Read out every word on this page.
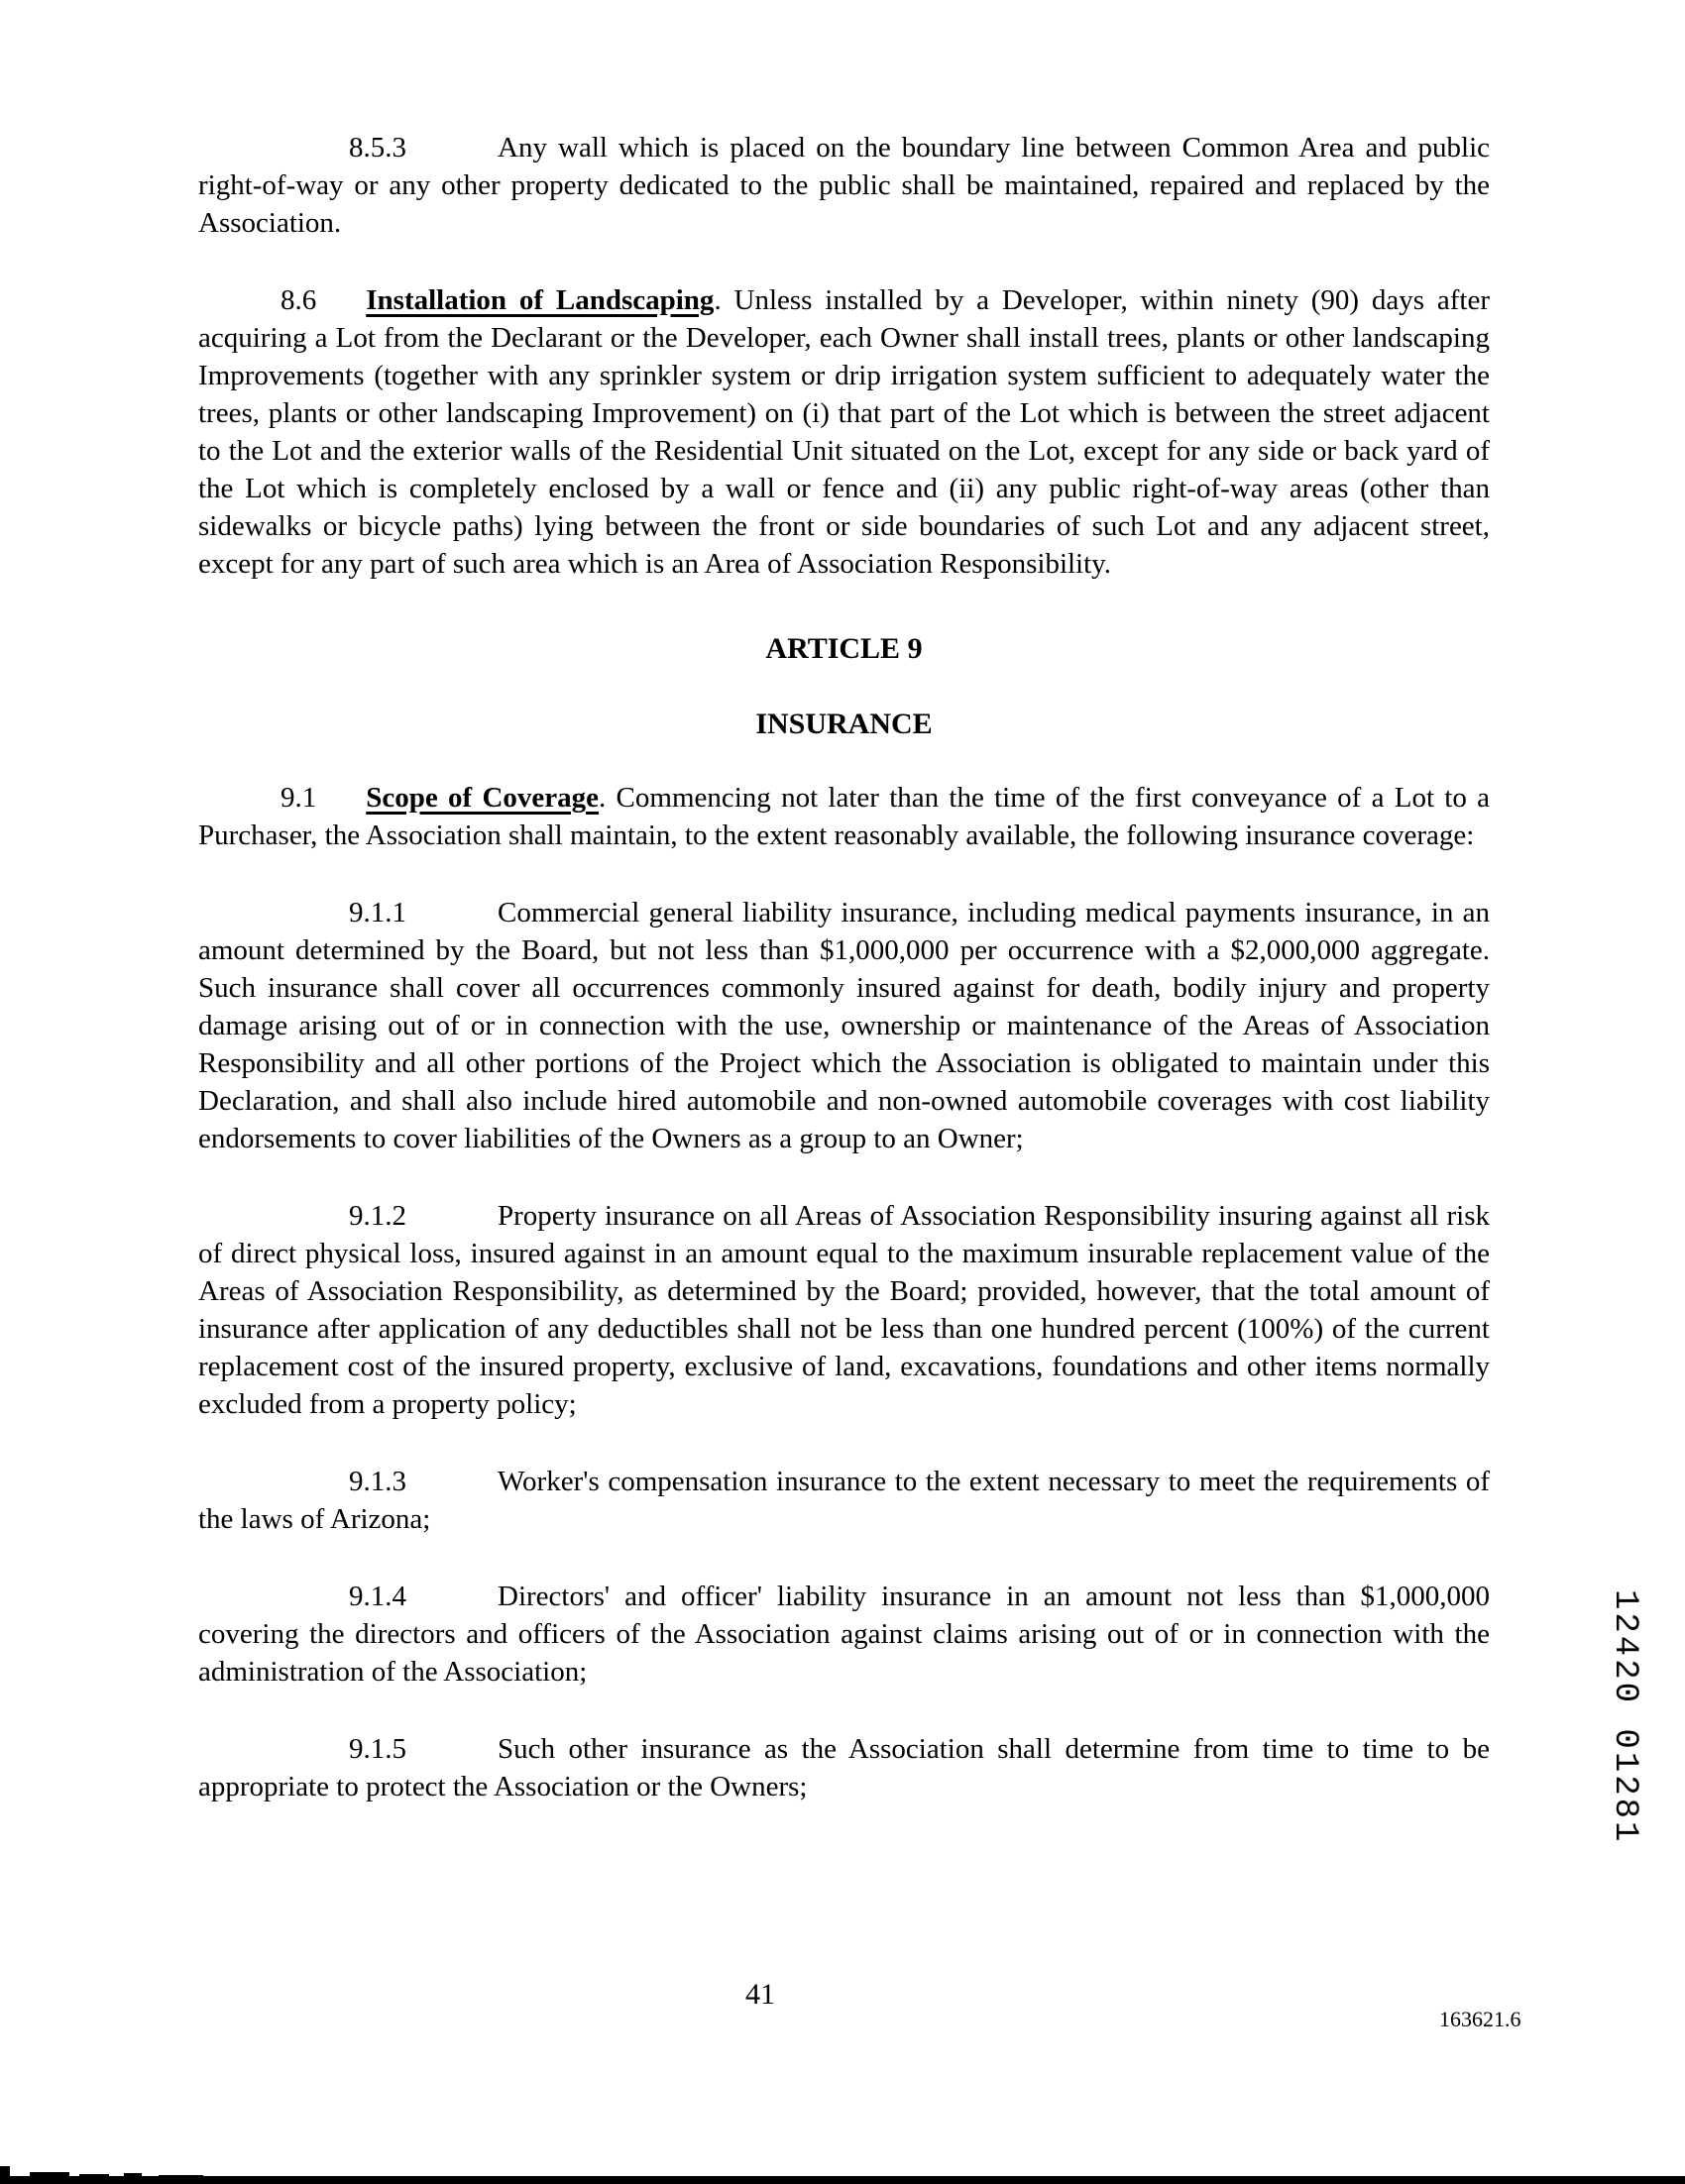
8.5.3	Any wall which is placed on the boundary line between Common Area and public right-of-way or any other property dedicated to the public shall be maintained, repaired and replaced by the Association.

8.6 Installation of Landscaping. Unless installed by a Developer, within ninety (90) days after acquiring a Lot from the Declarant or the Developer, each Owner shall install trees, plants or other landscaping Improvements (together with any sprinkler system or drip irrigation system sufficient to adequately water the trees, plants or other landscaping Improvement) on (i) that part of the Lot which is between the street adjacent to the Lot and the exterior walls of the Residential Unit situated on the Lot, except for any side or back yard of the Lot which is completely enclosed by a wall or fence and (ii) any public right-of-way areas (other than sidewalks or bicycle paths) lying between the front or side boundaries of such Lot and any adjacent street, except for any part of such area which is an Area of Association Responsibility.

ARTICLE 9
INSURANCE

9.1 Scope of Coverage. Commencing not later than the time of the first conveyance of a Lot to a Purchaser, the Association shall maintain, to the extent reasonably available, the following insurance coverage:

9.1.1	Commercial general liability insurance, including medical payments insurance, in an amount determined by the Board, but not less than $1,000,000 per occurrence with a $2,000,000 aggregate. Such insurance shall cover all occurrences commonly insured against for death, bodily injury and property damage arising out of or in connection with the use, ownership or maintenance of the Areas of Association Responsibility and all other portions of the Project which the Association is obligated to maintain under this Declaration, and shall also include hired automobile and non-owned automobile coverages with cost liability endorsements to cover liabilities of the Owners as a group to an Owner;

9.1.2	Property insurance on all Areas of Association Responsibility insuring against all risk of direct physical loss, insured against in an amount equal to the maximum insurable replacement value of the Areas of Association Responsibility, as determined by the Board; provided, however, that the total amount of insurance after application of any deductibles shall not be less than one hundred percent (100%) of the current replacement cost of the insured property, exclusive of land, excavations, foundations and other items normally excluded from a property policy;

9.1.3	Worker's compensation insurance to the extent necessary to meet the requirements of the laws of Arizona;

9.1.4	Directors' and officer' liability insurance in an amount not less than $1,000,000 covering the directors and officers of the Association against claims arising out of or in connection with the administration of the Association;

9.1.5	Such other insurance as the Association shall determine from time to time to be appropriate to protect the Association or the Owners;

41
163621.6
12420 01281
